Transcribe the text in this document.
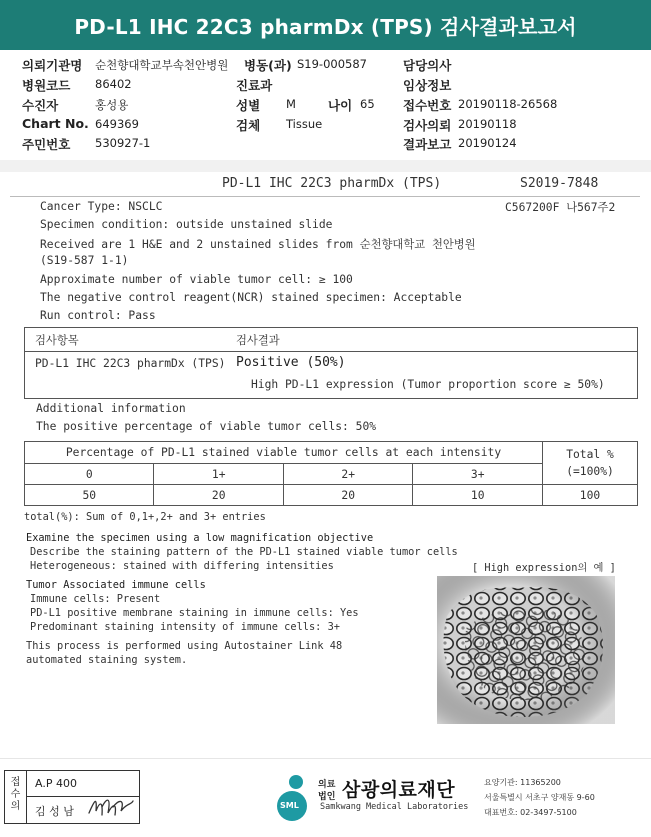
PD-L1 IHC 22C3 pharmDx (TPS) 검사결과보고서
의뢰기관명 순천향대학교부속천안병원 병동(과) S19-000587	담당의사
병원코드 86402	진료과	임상정보
수진자	홍성용	성별 M	나이 65 접수번호 20190118-26568
Chart No. 649369	검체 Tissue	검사의뢰 20190118
주민번호 530927-1	결과보고 20190124
PD-L1 IHC 22C3 pharmDx (TPS)	S2019-7848
C567200F 나567주2
Cancer Type: NSCLC
Specimen condition: outside unstained slide
Received are 1 H&E and 2 unstained slides from 순천향대학교 천안병원
(S19-587 1-1)
Approximate number of viable tumor cell: ≥ 100
The negative control reagent(NCR) stained specimen: Acceptable
Run control: Pass
검사항목	검사결과
PD-L1 IHC 22C3 pharmDx (TPS) Positive (50%)
High PD-L1 expression (Tumor proportion score ≥ 50%)
Additional information
The positive percentage of viable tumor cells: 50%
Percentage of PD-L1 stained viable tumor cells at each intensity				Total %
(=100%)
0	1+	2+	3+	
50	20	20	10	100
total(%): Sum of 0,1+,2+ and 3+ entries
Examine the specimen using a low magnification objective
Describe the staining pattern of the PD-L1 stained viable tumor cells
Heterogeneous: stained with differing intensities	[ High expression의 예 ]
Tumor Associated immune cells
Immune cells: Present
PD-L1 positive membrane staining in immune cells: Yes
Predominant staining intensity of immune cells: 3+
This process is performed using Autostainer Link 48
automated staining system.
접수의
A.P 400
김 성 남	SML
의료
법인 삼광의료재단
Samkwang Medical Laboratories
요양기관: 11365200
서울특별시 서초구 양재동 9-60
대표번호: 02-3497-5100
